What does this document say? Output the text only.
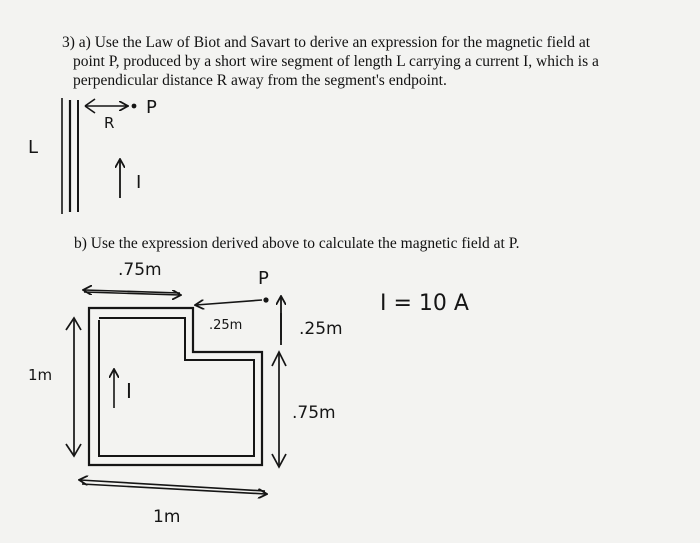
3) a) Use the Law of Biot and Savart to derive an expression for the magnetic field at
point P, produced by a short wire segment of length L carrying a current I, which is a
perpendicular distance R away from the segment's endpoint.
b) Use the expression derived above to calculate the magnetic field at P.
L
P
R
I
.75m	P
I = 10 A
.25m	.25m
1m
I
.75m
1m
